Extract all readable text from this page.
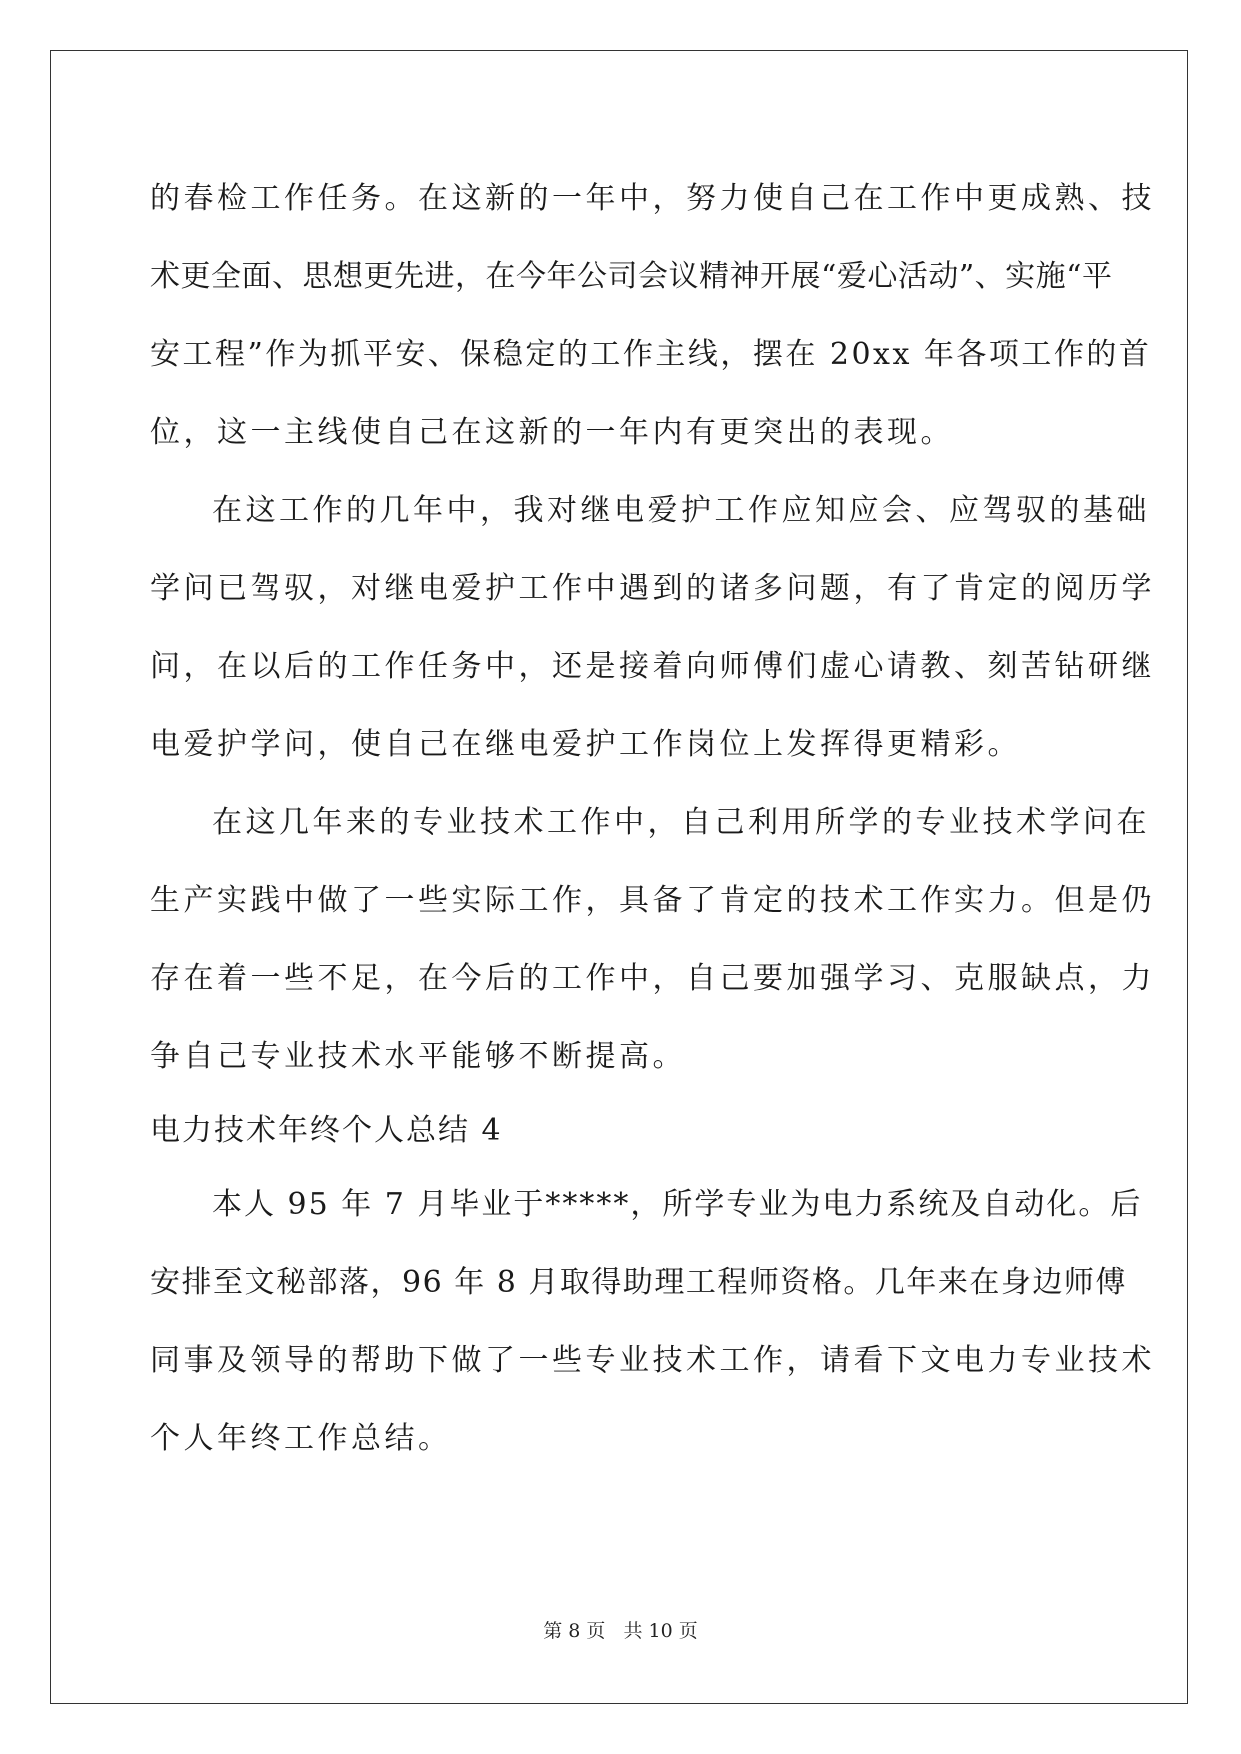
的春检工作任务。在这新的一年中，努力使自己在工作中更成熟、技
术更全面、思想更先进，在今年公司会议精神开展“爱心活动”、实施“平
安工程”作为抓平安、保稳定的工作主线，摆在 20xx 年各项工作的首
位，这一主线使自己在这新的一年内有更突出的表现。
在这工作的几年中，我对继电爱护工作应知应会、应驾驭的基础
学问已驾驭，对继电爱护工作中遇到的诸多问题，有了肯定的阅历学
问，在以后的工作任务中，还是接着向师傅们虚心请教、刻苦钻研继
电爱护学问，使自己在继电爱护工作岗位上发挥得更精彩。
在这几年来的专业技术工作中，自己利用所学的专业技术学问在
生产实践中做了一些实际工作，具备了肯定的技术工作实力。但是仍
存在着一些不足，在今后的工作中，自己要加强学习、克服缺点，力
争自己专业技术水平能够不断提高。
电力技术年终个人总结 4
本人 95 年 7 月毕业于*****，所学专业为电力系统及自动化。后
安排至文秘部落，96 年 8 月取得助理工程师资格。几年来在身边师傅
同事及领导的帮助下做了一些专业技术工作，请看下文电力专业技术
个人年终工作总结。
第 8 页 共 10 页
